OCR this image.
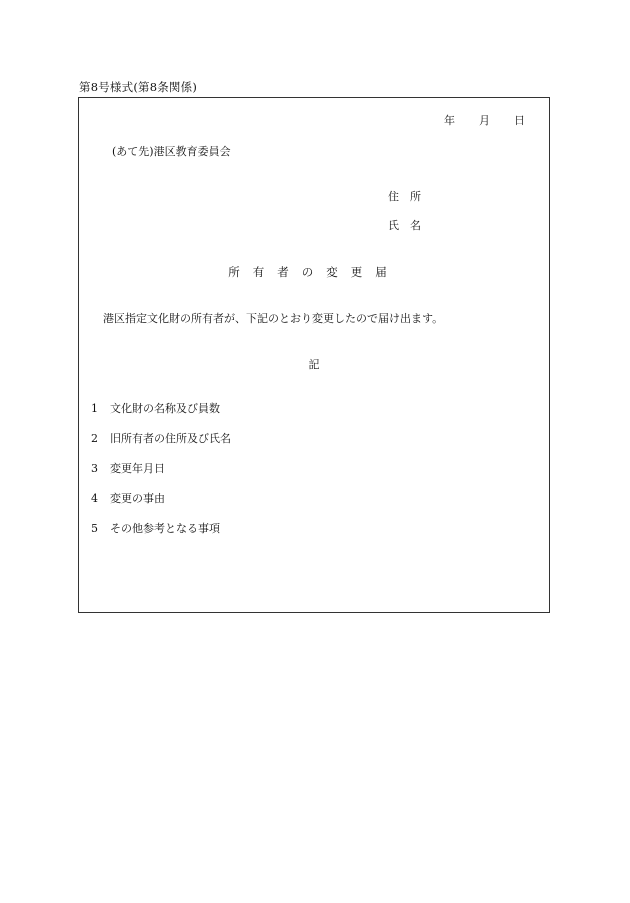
第8号様式(第8条関係)
年 月 日
(あて先)港区教育委員会
住所
氏名
所有者の変更届
港区指定文化財の所有者が、下記のとおり変更したので届け出ます。
記
1 文化財の名称及び員数
2 旧所有者の住所及び氏名
3 変更年月日
4 変更の事由
5 その他参考となる事項
